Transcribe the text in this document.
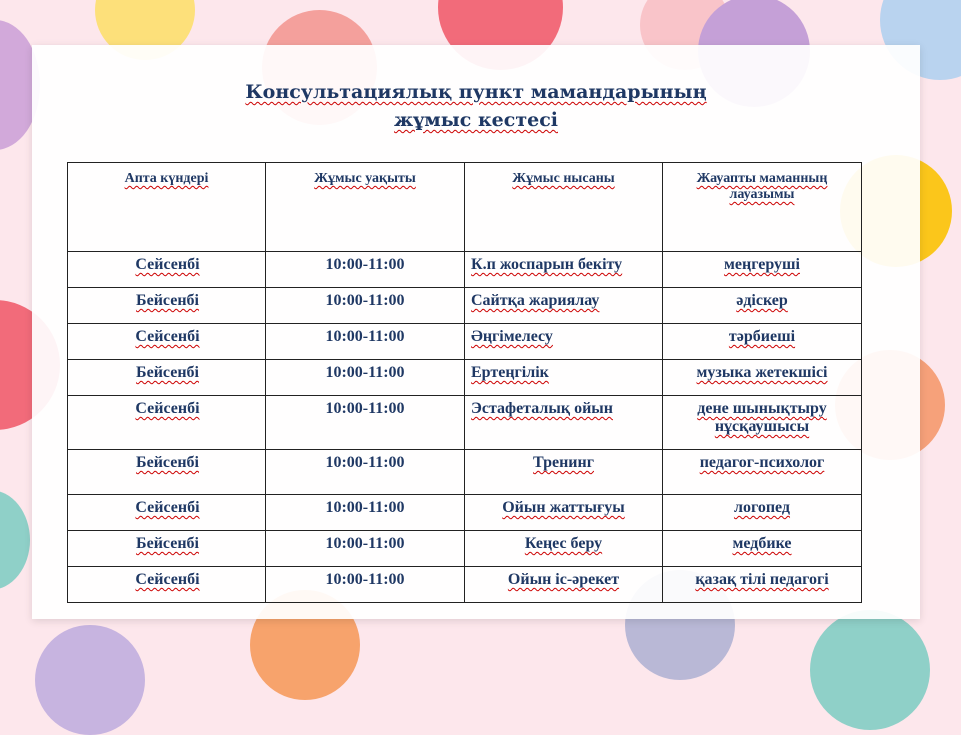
Консультациялық пункт мамандарының
жұмыс кестесі
Апта күндері	Жұмыс уақыты	Жұмыс нысаны	Жауапты маманның лауазымы
Сейсенбі	10:00-11:00	К.п жоспарын бекіту	меңгеруші
Бейсенбі	10:00-11:00	Сайтқа жариялау	әдіскер
Сейсенбі	10:00-11:00	Әңгімелесу	тәрбиеші
Бейсенбі	10:00-11:00	Ертеңгілік	музыка жетекшісі
Сейсенбі	10:00-11:00	Эстафеталық ойын	дене шынықтыру нұсқаушысы
Бейсенбі	10:00-11:00	Тренинг	педагог-психолог
Сейсенбі	10:00-11:00	Ойын жаттығуы	логопед
Бейсенбі	10:00-11:00	Кеңес беру	медбике
Сейсенбі	10:00-11:00	Ойын іс-әрекет	қазақ тілі педагогі
